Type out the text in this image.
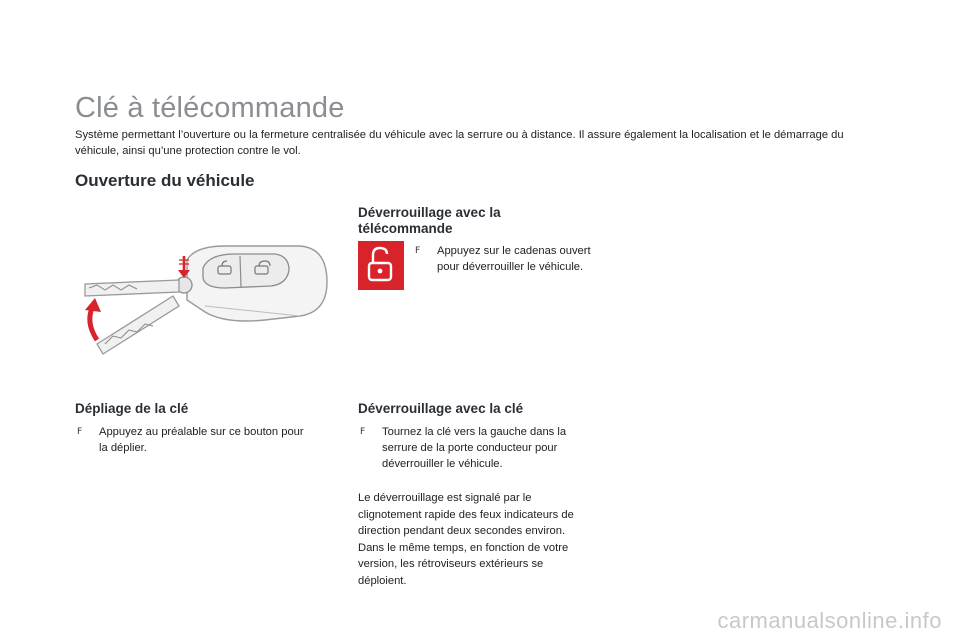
Clé à télécommande

Système permettant l’ouverture ou la fermeture centralisée du véhicule avec la serrure ou à distance. Il assure également la localisation et le démarrage du véhicule, ainsi qu’une protection contre le vol.

Ouverture du véhicule
Déverrouillage avec la
télécommande
F Appuyez sur le cadenas ouvert
pour déverrouiller le véhicule.
Dépliage de la clé
F Appuyez au préalable sur ce bouton pour
la déplier.
Déverrouillage avec la clé
F Tournez la clé vers la gauche dans la
serrure de la porte conducteur pour
déverrouiller le véhicule.
Le déverrouillage est signalé par le
clignotement rapide des feux indicateurs de
direction pendant deux secondes environ.
Dans le même temps, en fonction de votre
version, les rétroviseurs extérieurs se
déploient.
carmanualsonline.info
